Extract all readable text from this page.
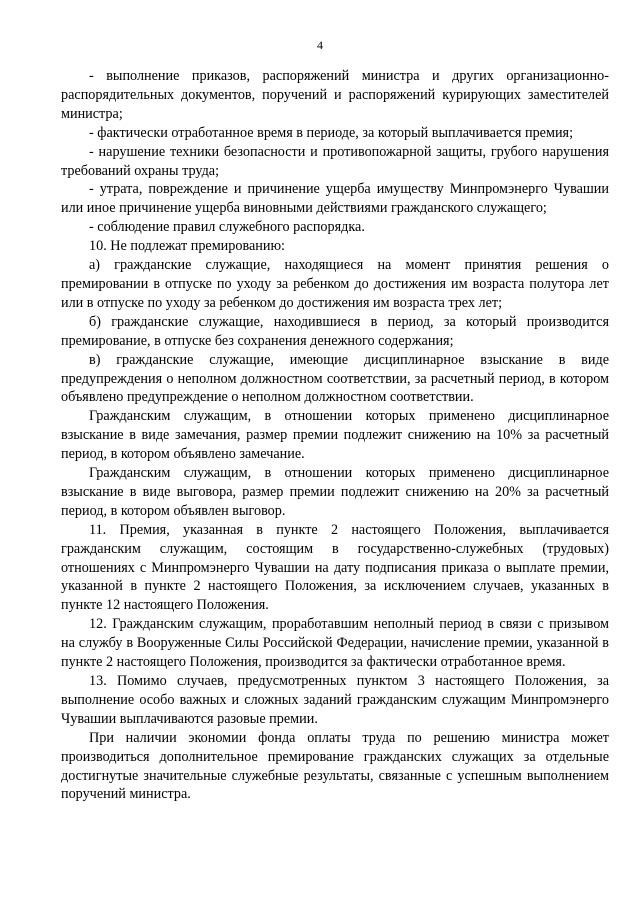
4

- выполнение приказов, распоряжений министра и других организационно-распорядительных документов, поручений и распоряжений курирующих заместителей министра;

- фактически отработанное время в периоде, за который выплачивается премия;

- нарушение техники безопасности и противопожарной защиты, грубого нарушения требований охраны труда;

- утрата, повреждение и причинение ущерба имуществу Минпромэнерго Чувашии или иное причинение ущерба виновными действиями гражданского служащего;

- соблюдение правил служебного распорядка.

10. Не подлежат премированию:

а) гражданские служащие, находящиеся на момент принятия решения о премировании в отпуске по уходу за ребенком до достижения им возраста полутора лет или в отпуске по уходу за ребенком до достижения им возраста трех лет;

б) гражданские служащие, находившиеся в период, за который производится премирование, в отпуске без сохранения денежного содержания;

в) гражданские служащие, имеющие дисциплинарное взыскание в виде предупреждения о неполном должностном соответствии, за расчетный период, в котором объявлено предупреждение о неполном должностном соответствии.

Гражданским служащим, в отношении которых применено дисциплинарное взыскание в виде замечания, размер премии подлежит снижению на 10% за расчетный период, в котором объявлено замечание.

Гражданским служащим, в отношении которых применено дисциплинарное взыскание в виде выговора, размер премии подлежит снижению на 20% за расчетный период, в котором объявлен выговор.

11. Премия, указанная в пункте 2 настоящего Положения, выплачивается гражданским служащим, состоящим в государственно-служебных (трудовых) отношениях с Минпромэнерго Чувашии на дату подписания приказа о выплате премии, указанной в пункте 2 настоящего Положения, за исключением случаев, указанных в пункте 12 настоящего Положения.

12. Гражданским служащим, проработавшим неполный период в связи с призывом на службу в Вооруженные Силы Российской Федерации, начисление премии, указанной в пункте 2 настоящего Положения, производится за фактически отработанное время.

13. Помимо случаев, предусмотренных пунктом 3 настоящего Положения, за выполнение особо важных и сложных заданий гражданским служащим Минпромэнерго Чувашии выплачиваются разовые премии.

При наличии экономии фонда оплаты труда по решению министра может производиться дополнительное премирование гражданских служащих за отдельные достигнутые значительные служебные результаты, связанные с успешным выполнением поручений министра.
